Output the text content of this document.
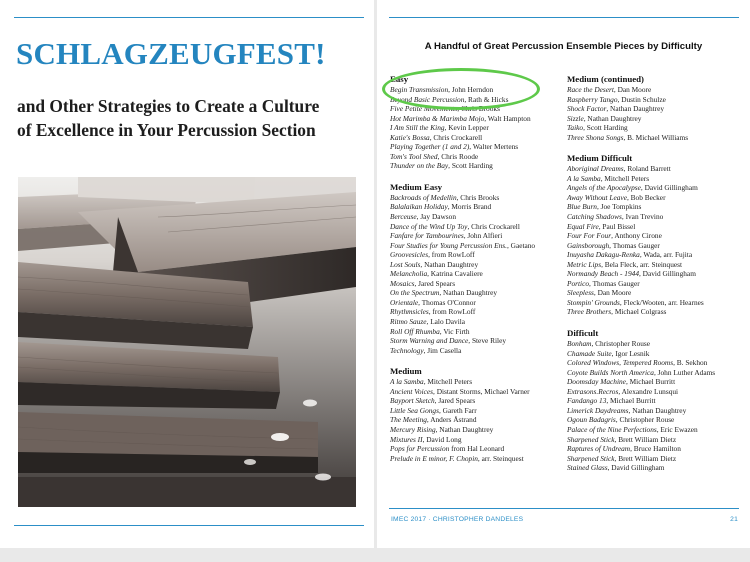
SCHLAGZEUGFEST!
and Other Strategies to Create a Culture
of Excellence in Your Percussion Section
A Handful of Great Percussion Ensemble Pieces by Difficulty
Easy
Begin Transmission, John Herndon
Beyond Basic Percussion, Rath & Hicks
Five Petite Movements, Chris Brooks
Hot Marimba & Marimba Mojo, Walt Hampton
I Am Still the King, Kevin Lepper
Katie's Bossa, Chris Crockarell
Playing Together (1 and 2), Walter Mertens
Tom's Tool Shed, Chris Roode
Thunder on the Bay, Scott Harding
Medium Easy
Backroads of Medellin, Chris Brooks
Balalaikan Holiday, Morris Brand
Berceuse, Jay Dawson
Dance of the Wind Up Toy, Chris Crockarell
Fanfare for Tambourines, John Alfieri
Four Studies for Young Percussion Ens., Gaetano
Groovesicles, from RowLoff
Lost Souls, Nathan Daughtrey
Melancholia, Katrina Cavaliere
Mosaics, Jared Spears
On the Spectrum, Nathan Daughtrey
Orientale, Thomas O'Connor
Rhythmsicles, from RowLoff
Ritmo Sauze, Lalo Davila
Roll Off Rhumba, Vic Firth
Storm Warning and Dance, Steve Riley
Technology, Jim Casella
Medium
A la Samba, Mitchell Peters
Ancient Voices, Distant Storms, Michael Varner
Bayport Sketch, Jared Spears
Little Sea Gongs, Gareth Farr
The Meeting, Anders Åstrand
Mercury Rising, Nathan Daughtrey
Mixtures II, David Long
Pops for Percussion from Hal Leonard
Prelude in E minor, F. Chopin, arr. Steinquest
Medium (continued)
Race the Desert, Dan Moore
Raspberry Tango, Dustin Schulze
Shock Factor, Nathan Daughtrey
Sizzle, Nathan Daughtrey
Taiko, Scott Harding
Three Shona Songs, B. Michael Williams
Medium Difficult
Aboriginal Dreams, Roland Barrett
A la Samba, Mitchell Peters
Angels of the Apocalypse, David Gillingham
Away Without Leave, Bob Becker
Blue Burn, Joe Tompkins
Catching Shadows, Ivan Trevino
Equal Fire, Paul Bissel
Four For Four, Anthony Cirone
Gainsborough, Thomas Gauger
Inuyasha Dakagu-Renka, Wada, arr. Fujita
Metric Lips, Bela Fleck, arr. Steinquest
Normandy Beach - 1944, David Gillingham
Portico, Thomas Gauger
Sleepless, Dan Moore
Stompin' Grounds, Fleck/Wooten, arr. Hearnes
Three Brothers, Michael Colgrass
Difficult
Bonham, Christopher Rouse
Chamade Suite, Igor Lesnik
Colored Windows, Tempered Rooms, B. Sekhon
Coyote Builds North America, John Luther Adams
Doomsday Machine, Michael Burritt
Extrasons.Recros, Alexandre Lunsqui
Fandango 13, Michael Burritt
Limerick Daydreams, Nathan Daughtrey
Ogoun Badagris, Christopher Rouse
Palace of the Nine Perfections, Eric Ewazen
Sharpened Stick, Brett William Dietz
Raptures of Undream, Bruce Hamilton
Sharpened Stick, Brett William Dietz
Stained Glass, David Gillingham
IMEC 2017 · CHRISTOPHER DANDELES	21
